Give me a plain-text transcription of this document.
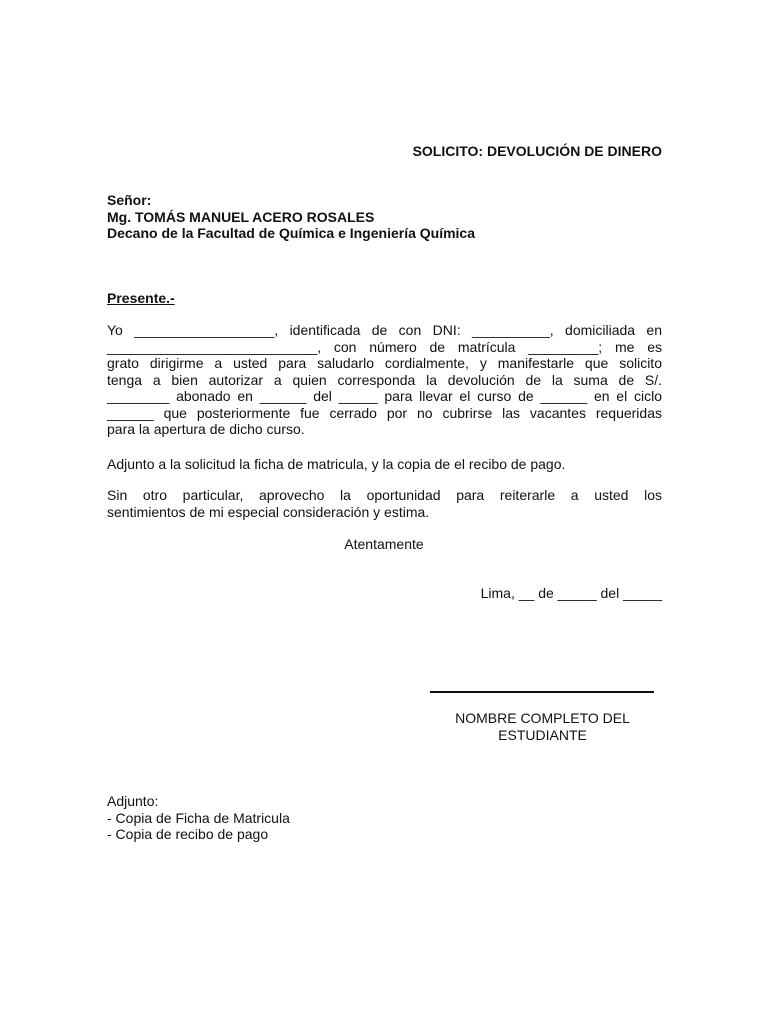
SOLICITO: DEVOLUCIÓN DE DINERO
Señor:
Mg. TOMÁS MANUEL ACERO ROSALES
Decano de la Facultad de Química e Ingeniería Química
Presente.-
Yo __________________, identificada de con DNI: __________, domiciliada en
___________________________, con número de matrícula _________; me es
grato dirigirme a usted para saludarlo cordialmente, y manifestarle que solicito
tenga a bien autorizar a quien corresponda la devolución de la suma de S/.
________ abonado en ______ del _____ para llevar el curso de ______ en el ciclo
______ que posteriormente fue cerrado por no cubrirse las vacantes requeridas
para la apertura de dicho curso.
Adjunto a la solicitud la ficha de matricula, y la copia de el recibo de pago.
Sin otro particular, aprovecho la oportunidad para reiterarle a usted los
sentimientos de mi especial consideración y estima.
Atentamente
Lima, __ de _____ del _____
NOMBRE COMPLETO DEL
ESTUDIANTE
Adjunto:
- Copia de Ficha de Matricula
- Copia de recibo de pago
